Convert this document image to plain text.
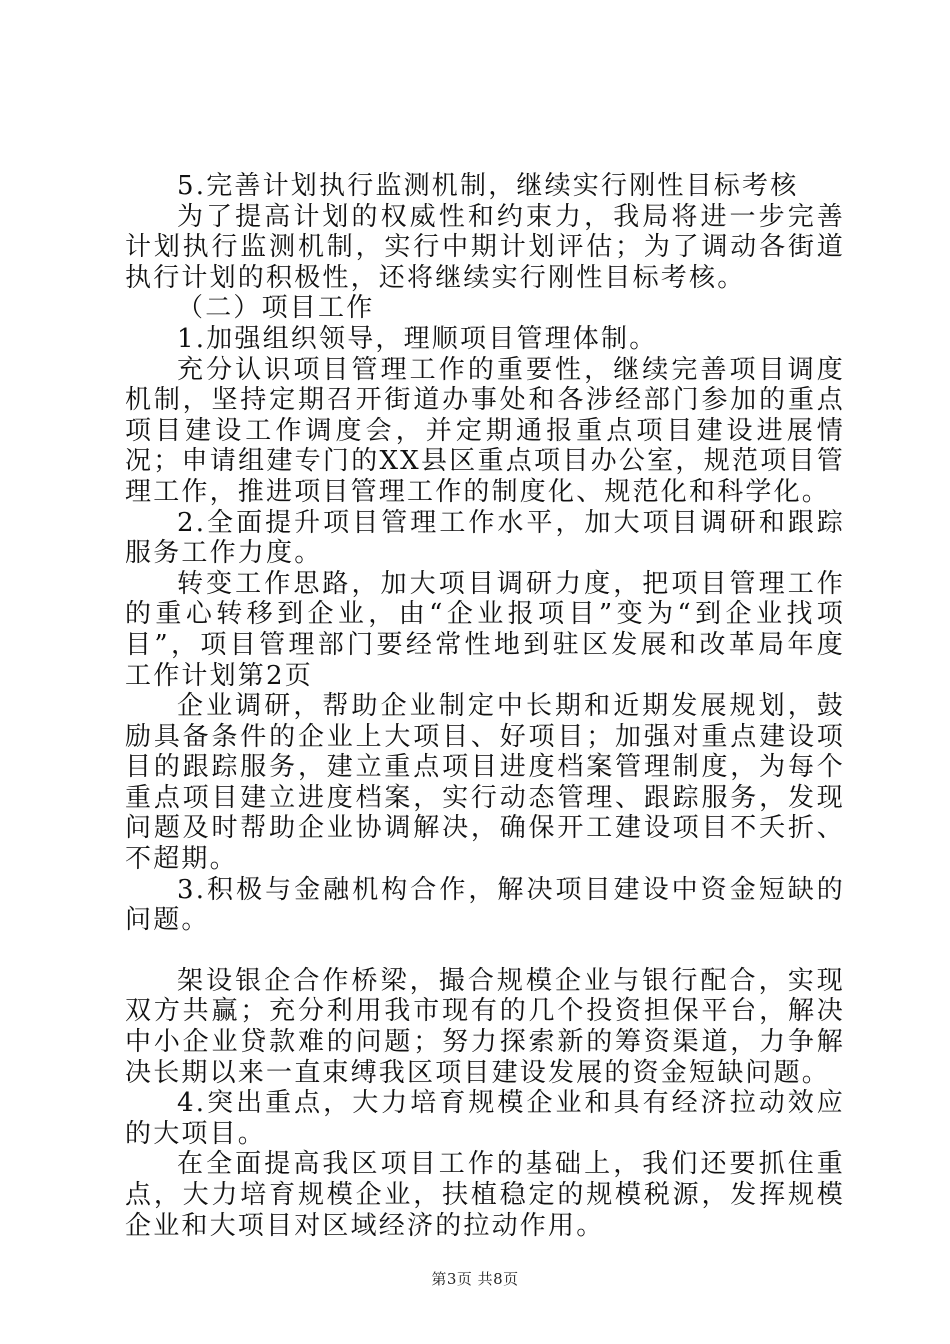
5.完善计划执行监测机制，继续实行刚性目标考核

为了提高计划的权威性和约束力，我局将进一步完善计划执行监测机制，实行中期计划评估；为了调动各街道执行计划的积极性，还将继续实行刚性目标考核。

（二）项目工作

1.加强组织领导，理顺项目管理体制。

充分认识项目管理工作的重要性，继续完善项目调度机制，坚持定期召开街道办事处和各涉经部门参加的重点项目建设工作调度会，并定期通报重点项目建设进展情况；申请组建专门的XX县区重点项目办公室，规范项目管理工作，推进项目管理工作的制度化、规范化和科学化。

2.全面提升项目管理工作水平，加大项目调研和跟踪服务工作力度。

转变工作思路，加大项目调研力度，把项目管理工作的重心转移到企业，由“企业报项目”变为“到企业找项目”，项目管理部门要经常性地到驻区发展和改革局年度工作计划第2页

企业调研，帮助企业制定中长期和近期发展规划，鼓励具备条件的企业上大项目、好项目；加强对重点建设项目的跟踪服务，建立重点项目进度档案管理制度，为每个重点项目建立进度档案，实行动态管理、跟踪服务，发现问题及时帮助企业协调解决，确保开工建设项目不夭折、不超期。

3.积极与金融机构合作，解决项目建设中资金短缺的问题。

架设银企合作桥梁，撮合规模企业与银行配合，实现双方共赢；充分利用我市现有的几个投资担保平台，解决中小企业贷款难的问题；努力探索新的筹资渠道，力争解决长期以来一直束缚我区项目建设发展的资金短缺问题。

4.突出重点，大力培育规模企业和具有经济拉动效应的大项目。

在全面提高我区项目工作的基础上，我们还要抓住重点，大力培育规模企业，扶植稳定的规模税源，发挥规模企业和大项目对区域经济的拉动作用。

第3页 共8页
